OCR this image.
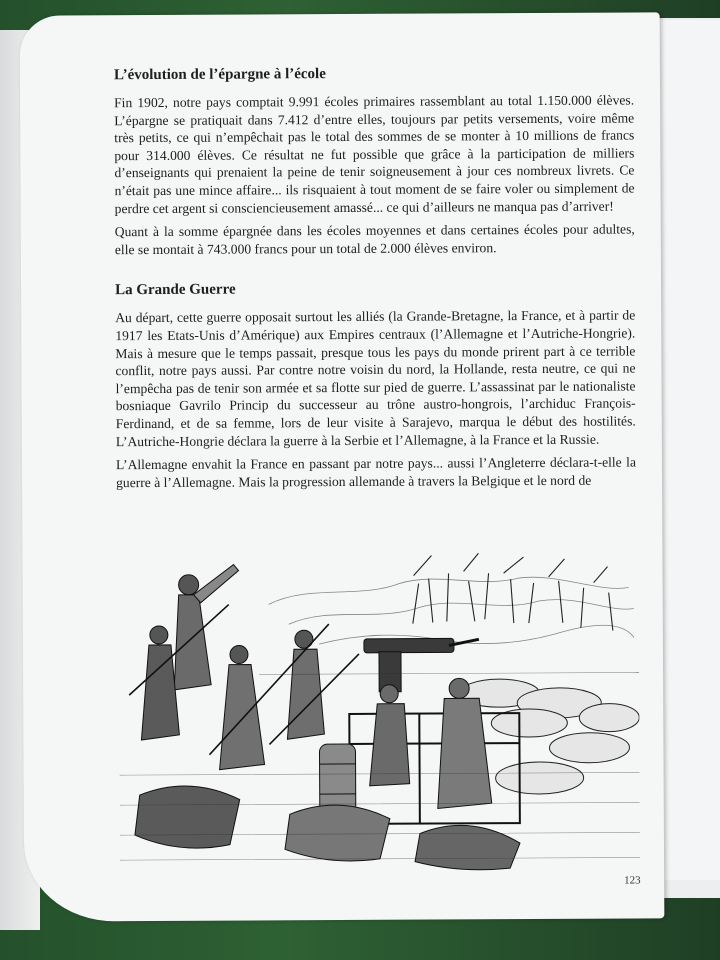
L’évolution de l’épargne à l’école

Fin 1902, notre pays comptait 9.991 écoles primaires rassemblant au total 1.150.000 élèves. L’épargne se pratiquait dans 7.412 d’entre elles, toujours par petits versements, voire même très petits, ce qui n’empêchait pas le total des sommes de se monter à 10 millions de francs pour 314.000 élèves. Ce résultat ne fut possible que grâce à la participation de milliers d’enseignants qui prenaient la peine de tenir soigneusement à jour ces nombreux livrets. Ce n’était pas une mince affaire... ils risquaient à tout moment de se faire voler ou simplement de perdre cet argent si consciencieusement amassé... ce qui d’ailleurs ne manqua pas d’arriver!

Quant à la somme épargnée dans les écoles moyennes et dans certaines écoles pour adultes, elle se montait à 743.000 francs pour un total de 2.000 élèves environ.

La Grande Guerre

Au départ, cette guerre opposait surtout les alliés (la Grande-Bretagne, la France, et à partir de 1917 les Etats-Unis d’Amérique) aux Empires centraux (l’Allemagne et l’Autriche-Hongrie). Mais à mesure que le temps passait, presque tous les pays du monde prirent part à ce terrible conflit, notre pays aussi. Par contre notre voisin du nord, la Hollande, resta neutre, ce qui ne l’empêcha pas de tenir son armée et sa flotte sur pied de guerre. L’assassinat par le nationaliste bosniaque Gavrilo Princip du successeur au trône austro-hongrois, l’archiduc François-Ferdinand, et de sa femme, lors de leur visite à Sarajevo, marqua le début des hostilités. L’Autriche-Hongrie déclara la guerre à la Serbie et l’Allemagne, à la France et la Russie.

L’Allemagne envahit la France en passant par notre pays... aussi l’Angleterre déclara-t-elle la guerre à l’Allemagne. Mais la progression allemande à travers la Belgique et le nord de

123
